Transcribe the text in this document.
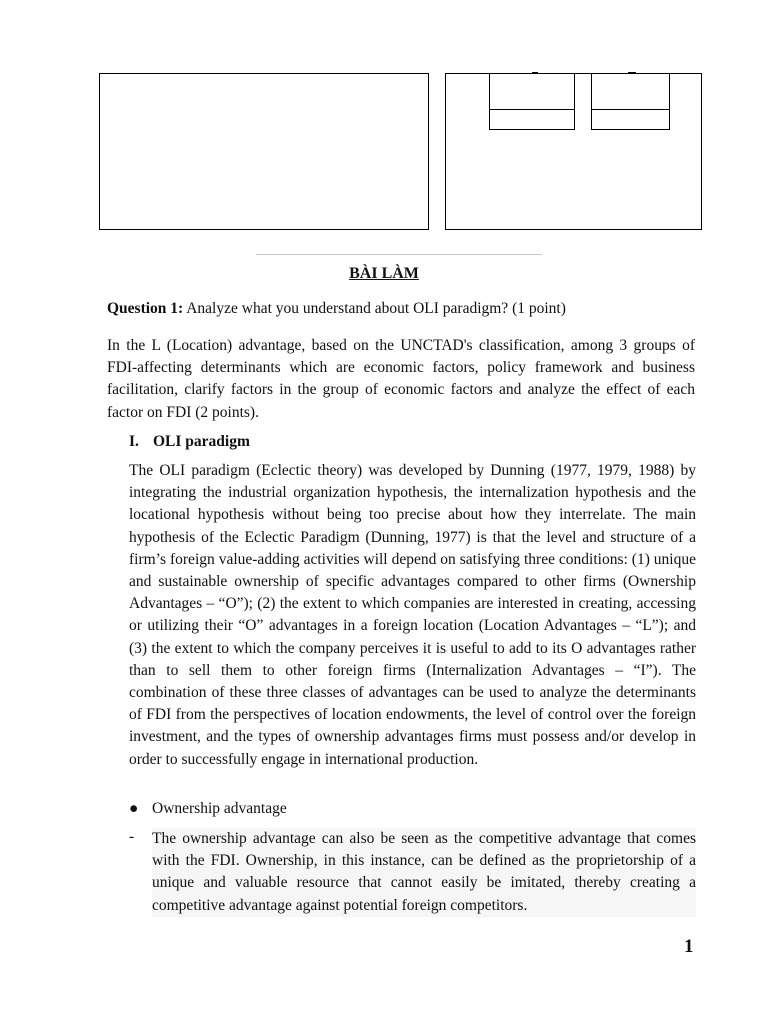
BÀI LÀM
Question 1: Analyze what you understand about OLI paradigm? (1 point)
In the L (Location) advantage, based on the UNCTAD's classification, among 3 groups of FDI-affecting determinants which are economic factors, policy framework and business facilitation, clarify factors in the group of economic factors and analyze the effect of each factor on FDI (2 points).
I. OLI paradigm
The OLI paradigm (Eclectic theory) was developed by Dunning (1977, 1979, 1988) by integrating the industrial organization hypothesis, the internalization hypothesis and the locational hypothesis without being too precise about how they interrelate. The main hypothesis of the Eclectic Paradigm (Dunning, 1977) is that the level and structure of a firm’s foreign value-adding activities will depend on satisfying three conditions: (1) unique and sustainable ownership of specific advantages compared to other firms (Ownership Advantages – “O”); (2) the extent to which companies are interested in creating, accessing or utilizing their “O” advantages in a foreign location (Location Advantages – “L”); and (3) the extent to which the company perceives it is useful to add to its O advantages rather than to sell them to other foreign firms (Internalization Advantages – “I”). The combination of these three classes of advantages can be used to analyze the determinants of FDI from the perspectives of location endowments, the level of control over the foreign investment, and the types of ownership advantages firms must possess and/or develop in order to successfully engage in international production.
● Ownership advantage
- The ownership advantage can also be seen as the competitive advantage that comes with the FDI. Ownership, in this instance, can be defined as the proprietorship of a unique and valuable resource that cannot easily be imitated, thereby creating a competitive advantage against potential foreign competitors.
1
